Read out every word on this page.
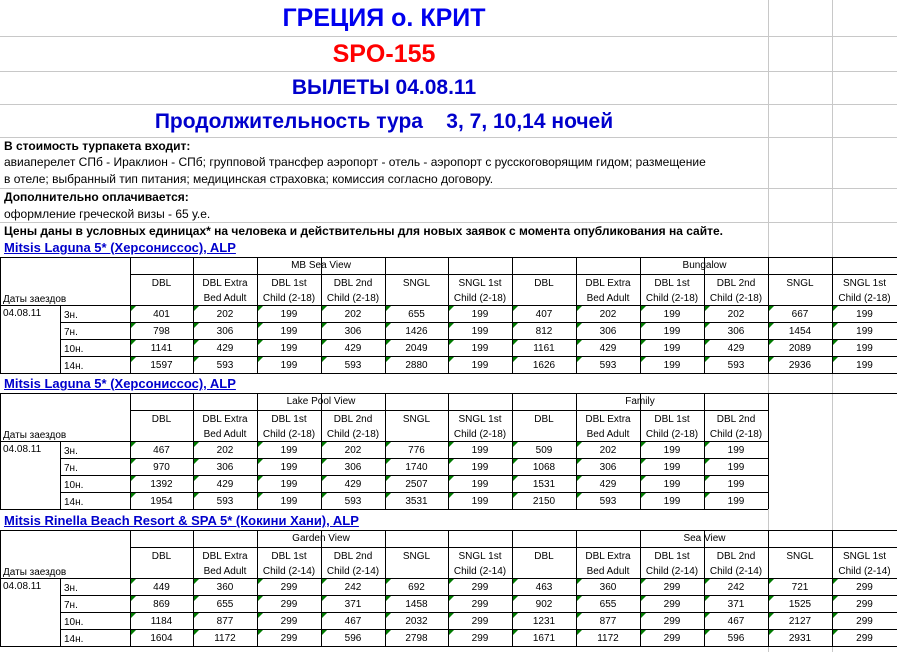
ГРЕЦИЯ о. КРИТ
SPO-155
ВЫЛЕТЫ 04.08.11
Продолжительность тура 3, 7, 10,14 ночей
В стоимость турпакета входит:
авиаперелет СПб - Ираклион - СПб; групповой трансфер аэропорт - отель - аэропорт с русскоговорящим гидом; размещение
в отеле; выбранный тип питания; медицинская страховка; комиссия согласно договору.
Дополнительно оплачивается:
оформление греческой визы - 65 у.е.
Цены даны в условных единицах* на человека и действительны для новых заявок с момента опубликования на сайте.
Mitsis Laguna 5* (Херсониссос), ALP
MB Sea View
DBL

401
798
1141
1597
DBL Extra
Bed Adult
202
306
429
593
DBL 1st
Child (2-18)
199
199
199
199
DBL 2nd
Child (2-18)
202
306
429
593
SNGL

655
1426
2049
2880
SNGL 1st
Child (2-18)
199
199
199
199
Bungalow
DBL

407
812
1161
1626
DBL Extra
Bed Adult
202
306
429
593
DBL 1st
Child (2-18)
199
199
199
199
DBL 2nd
Child (2-18)
202
306
429
593
SNGL

667
1454
2089
2936
SNGL 1st
Child (2-18)
199
199
199
199
Даты заездов
04.08.11 3н.
7н.
10н.
14н.
Mitsis Laguna 5* (Херсониссос), ALP
Lake Pool View
DBL

467
970
1392
1954
DBL Extra
Bed Adult
202
306
429
593
DBL 1st
Child (2-18)
199
199
199
199
DBL 2nd
Child (2-18)
202
306
429
593
SNGL

776
1740
2507
3531
SNGL 1st
Child (2-18)
199
199
199
199
Family
DBL

509
1068
1531
2150
DBL Extra
Bed Adult
202
306
429
593
DBL 1st
Child (2-18)
199
199
199
199
DBL 2nd
Child (2-18)
199
199
199
199
Даты заездов
04.08.11 3н.
7н.
10н.
14н.
Mitsis Rinella Beach Resort & SPA 5* (Кокини Хани), ALP
Garden View
DBL

449
869
1184
1604
DBL Extra
Bed Adult
360
655
877
1172
DBL 1st
Child (2-14)
299
299
299
299
DBL 2nd
Child (2-14)
242
371
467
596
SNGL

692
1458
2032
2798
SNGL 1st
Child (2-14)
299
299
299
299
Sea View
DBL

463
902
1231
1671
DBL Extra
Bed Adult
360
655
877
1172
DBL 1st
Child (2-14)
299
299
299
299
DBL 2nd
Child (2-14)
242
371
467
596
SNGL

721
1525
2127
2931
SNGL 1st
Child (2-14)
299
299
299
299
Даты заездов
04.08.11 3н.
7н.
10н.
14н.
